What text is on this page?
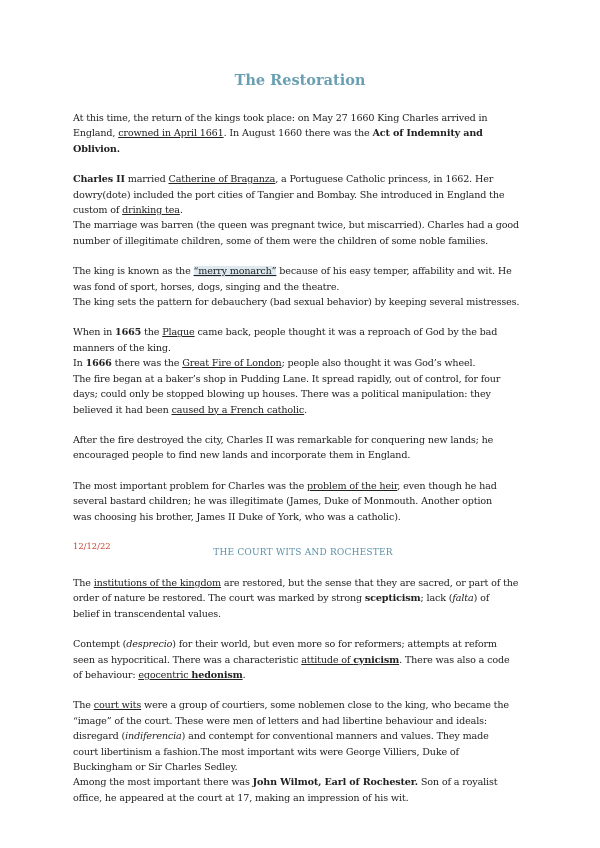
The Restoration

At this time, the return of the kings took place: on May 27 1660 King Charles arrived in
England, crowned in April 1661. In August 1660 there was the Act of Indemnity and
Oblivion.

Charles II married Catherine of Braganza, a Portuguese Catholic princess, in 1662. Her
dowry(dote) included the port cities of Tangier and Bombay. She introduced in England the
custom of drinking tea.
The marriage was barren (the queen was pregnant twice, but miscarried). Charles had a good
number of illegitimate children, some of them were the children of some noble families.

The king is known as the “merry monarch” because of his easy temper, affability and wit. He
was fond of sport, horses, dogs, singing and the theatre.
The king sets the pattern for debauchery (bad sexual behavior) by keeping several mistresses.

When in 1665 the Plague came back, people thought it was a reproach of God by the bad
manners of the king.
In 1666 there was the Great Fire of London; people also thought it was God’s wheel.
The fire began at a baker’s shop in Pudding Lane. It spread rapidly, out of control, for four
days; could only be stopped blowing up houses. There was a political manipulation: they
believed it had been caused by a French catholic.

After the fire destroyed the city, Charles II was remarkable for conquering new lands; he
encouraged people to find new lands and incorporate them in England.

The most important problem for Charles was the problem of the heir, even though he had
several bastard children; he was illegitimate (James, Duke of Monmouth. Another option
was choosing his brother, James II Duke of York, who was a catholic).

12/12/22
THE COURT WITS AND ROCHESTER

The institutions of the kingdom are restored, but the sense that they are sacred, or part of the
order of nature be restored. The court was marked by strong scepticism; lack (falta) of
belief in transcendental values.

Contempt (desprecio) for their world, but even more so for reformers; attempts at reform
seen as hypocritical. There was a characteristic attitude of cynicism. There was also a code
of behaviour: egocentric hedonism.

The court wits were a group of courtiers, some noblemen close to the king, who became the
“image” of the court. These were men of letters and had libertine behaviour and ideals:
disregard (indiferencia) and contempt for conventional manners and values. They made
court libertinism a fashion.The most important wits were George Villiers, Duke of
Buckingham or Sir Charles Sedley.
Among the most important there was John Wilmot, Earl of Rochester. Son of a royalist
office, he appeared at the court at 17, making an impression of his wit.
